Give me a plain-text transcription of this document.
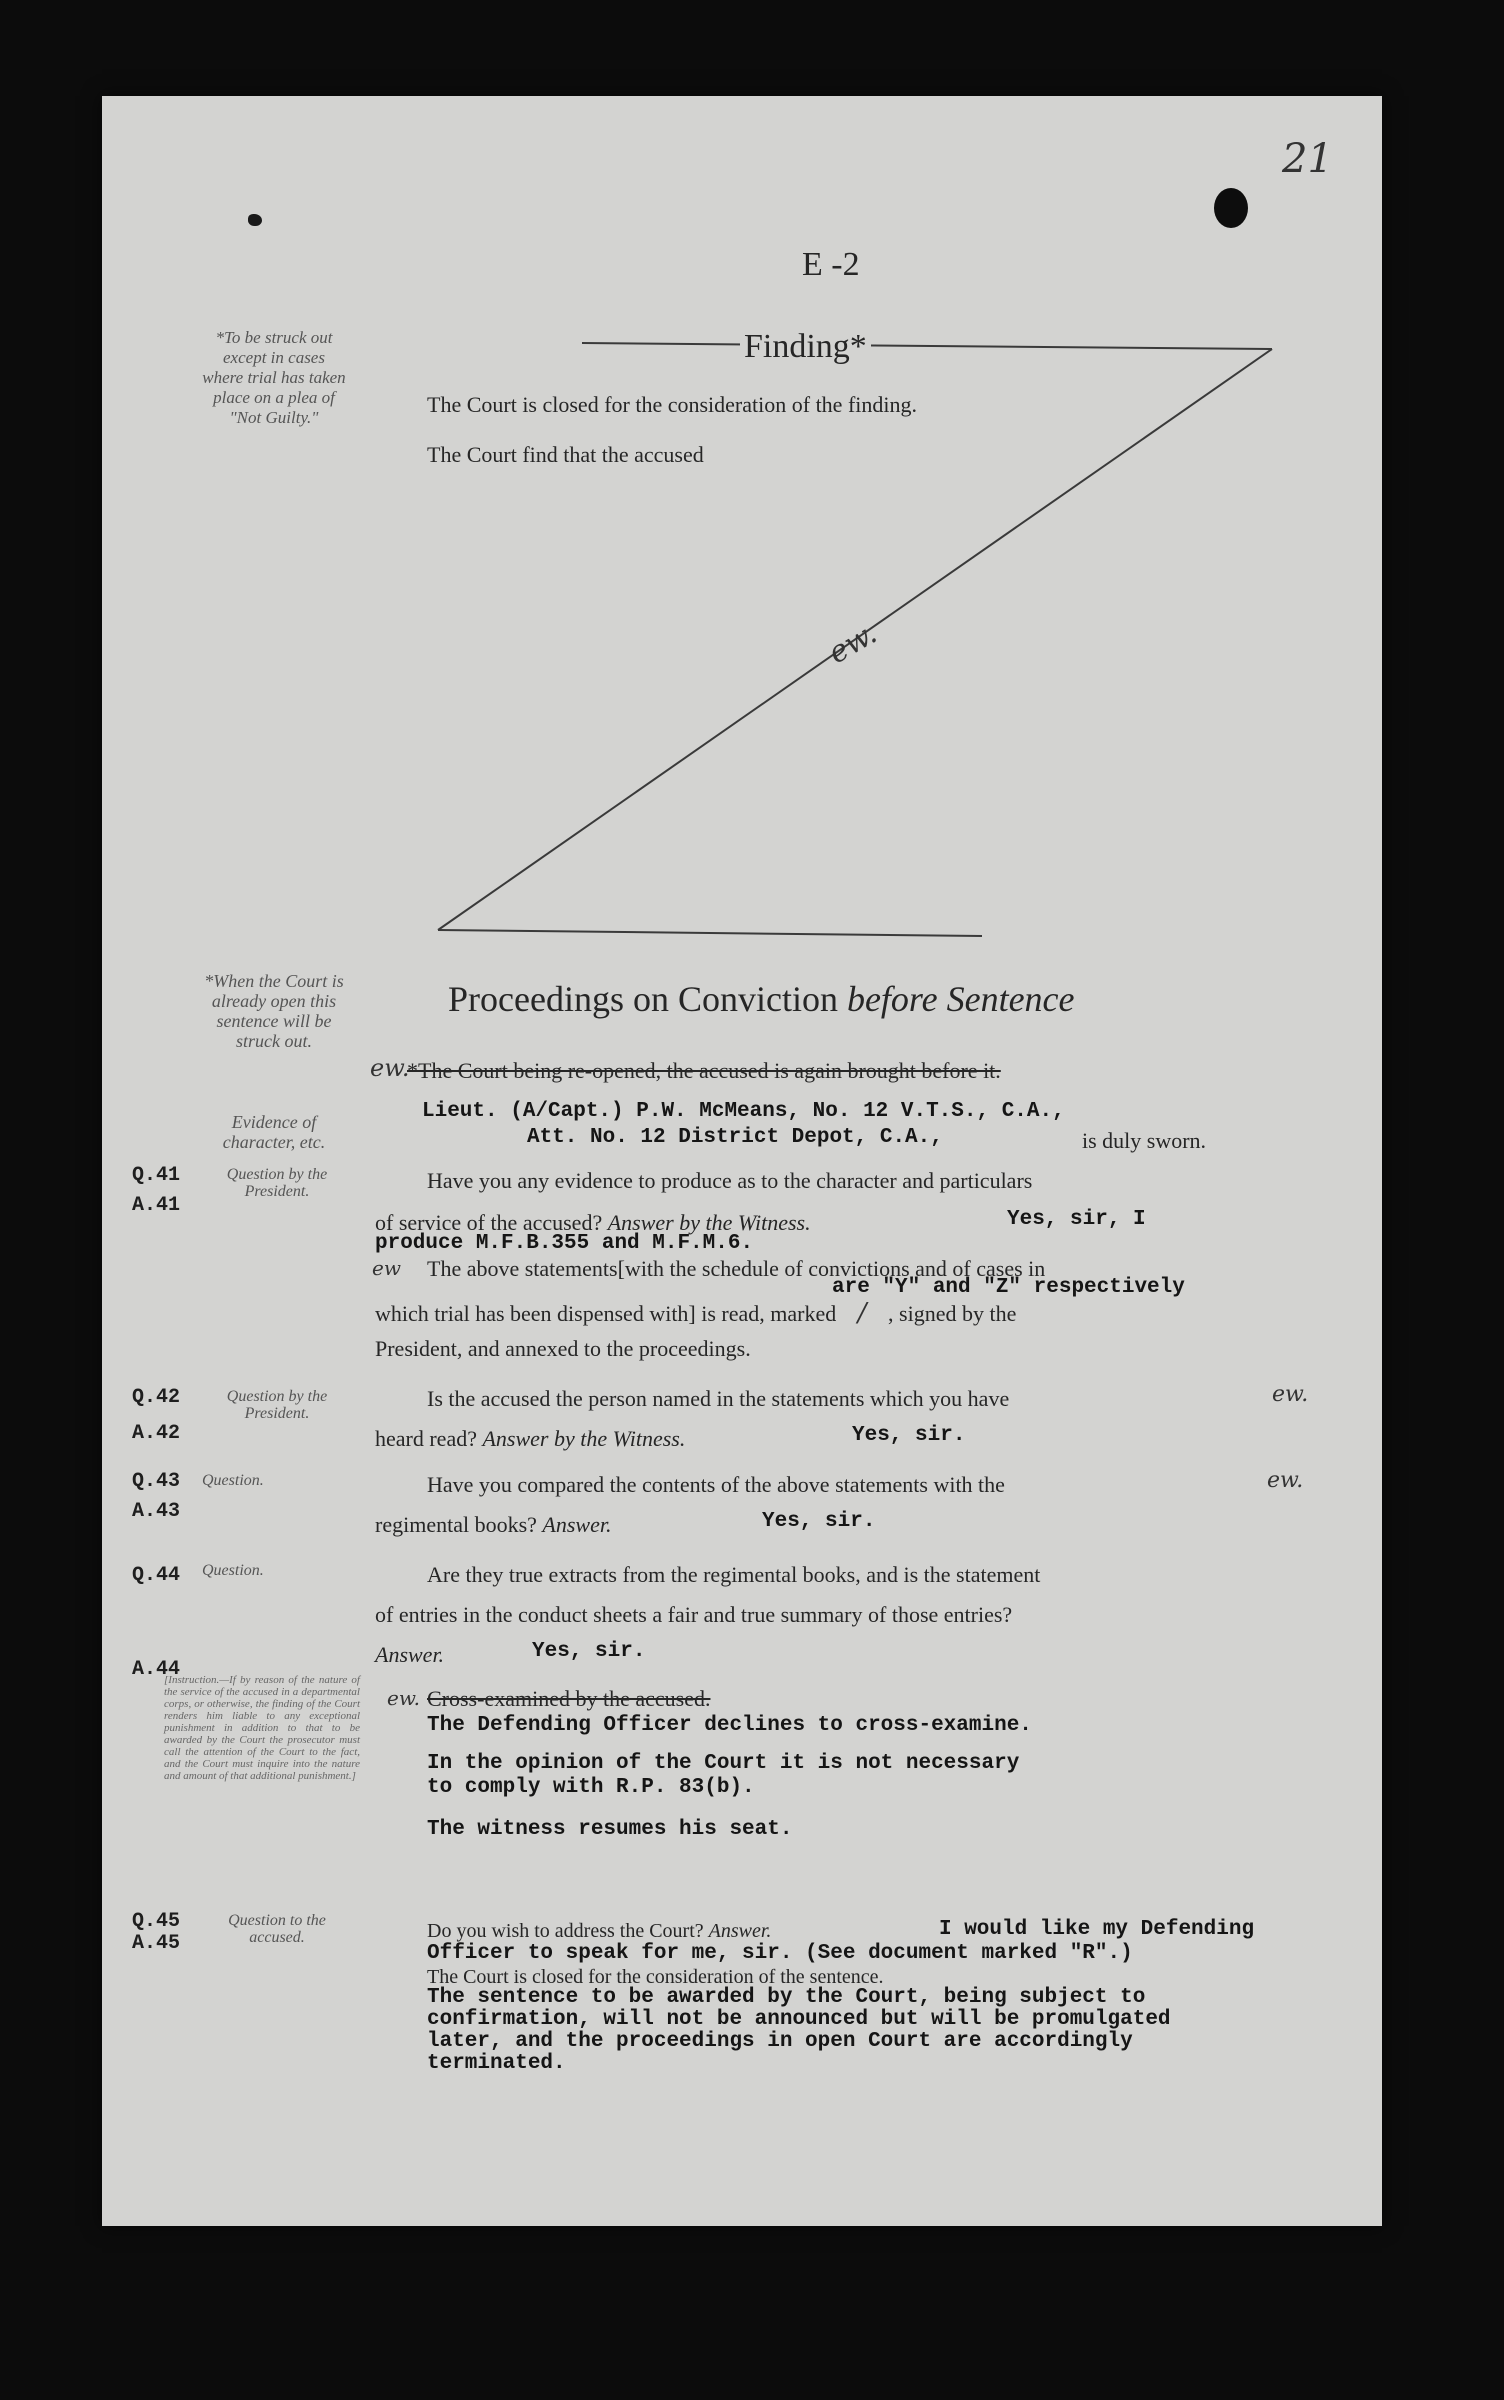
21
E -2
*To be struck out except in cases where trial has taken place on a plea of "Not Guilty."
Finding*
The Court is closed for the consideration of the finding.
The Court find that the accused
ew.
*When the Court is already open this sentence will be struck out.
Evidence of character, etc.
Proceedings on Conviction before Sentence
ew.
*The Court being re-opened, the accused is again brought before it.
Lieut. (A/Capt.) P.W. McMeans, No. 12 V.T.S., C.A.,
Att. No. 12 District Depot, C.A.,	is duly sworn.
Q.41
A.41
Question by the President.	Have you any evidence to produce as to the character and particulars
of service of the accused? Answer by the Witness.	Yes, sir, I
produce M.F.B.355 and M.F.M.6.
ew The above statements[with the schedule of convictions and of cases in
are "Y" and "Z" respectively
which trial has been dispensed with] is read, marked / , signed by the
President, and annexed to the proceedings.
Q.42
A.42
Question by the President.
Is the accused the person named in the statements which you have	ew.
heard read? Answer by the Witness.	Yes, sir.
Q.43
A.43
Question.	Have you compared the contents of the above statements with the	ew.
regimental books? Answer.	Yes, sir.
Q.44 Question.	Are they true extracts from the regimental books, and is the statement
of entries in the conduct sheets a fair and true summary of those entries?
A.44
Answer.	Yes, sir.
[Instruction.—If by reason of the nature of the service of the accused in a departmental corps, or otherwise, the finding of the Court renders him liable to any exceptional punishment in addition to that to be awarded by the Court the prosecutor must call the attention of the Court to the fact, and the Court must inquire into the nature and amount of that additional punishment.]
ew. Cross-examined by the accused.
The Defending Officer declines to cross-examine.
In the opinion of the Court it is not necessary
to comply with R.P. 83(b).
The witness resumes his seat.
Q.45
A.45
Question to the accused.	Do you wish to address the Court? Answer.	I would like my Defending
Officer to speak for me, sir. (See document marked "R".)
The Court is closed for the consideration of the sentence.
The sentence to be awarded by the Court, being subject to
confirmation, will not be announced but will be promulgated
later, and the proceedings in open Court are accordingly
terminated.
